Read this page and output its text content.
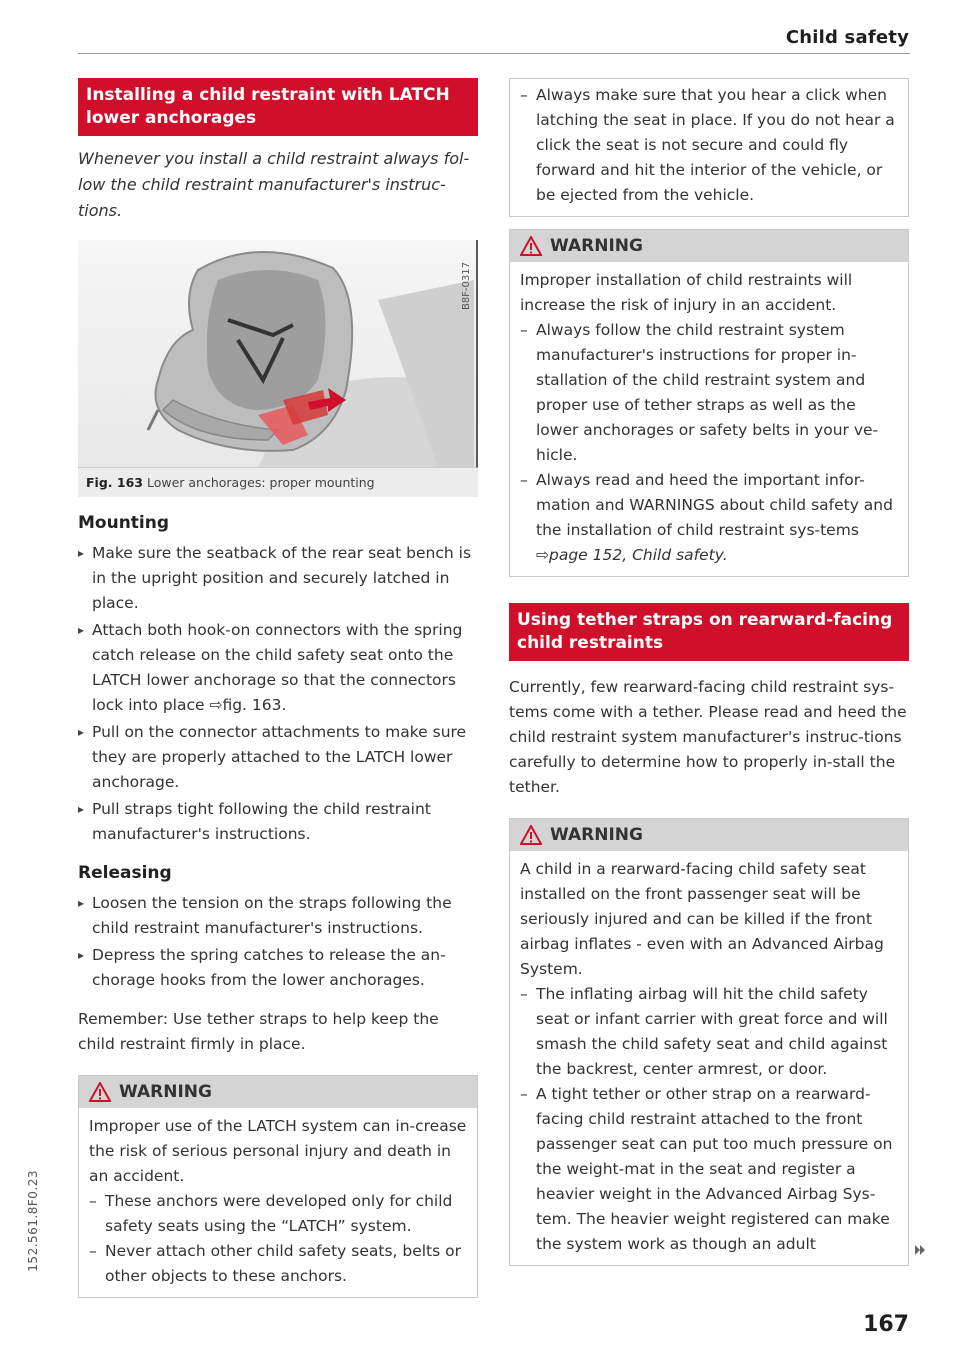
Child safety
Installing a child restraint with LATCH lower anchorages
Whenever you install a child restraint always fol-low the child restraint manufacturer's instruc-tions.
B8F-0317
Fig. 163 Lower anchorages: proper mounting
Mounting
▸ Make sure the seatback of the rear seat bench is in the upright position and securely latched in place.
▸ Attach both hook-on connectors with the spring catch release on the child safety seat onto the LATCH lower anchorage so that the connectors lock into place ⇨fig. 163.
▸ Pull on the connector attachments to make sure they are properly attached to the LATCH lower anchorage.
▸ Pull straps tight following the child restraint manufacturer's instructions.
Releasing
▸ Loosen the tension on the straps following the child restraint manufacturer's instructions.
▸ Depress the spring catches to release the an-chorage hooks from the lower anchorages.
Remember: Use tether straps to help keep the child restraint firmly in place.
WARNING
Improper use of the LATCH system can in-crease the risk of serious personal injury and death in an accident.
– These anchors were developed only for child safety seats using the “LATCH” system.
– Never attach other child safety seats, belts or other objects to these anchors.
– Always make sure that you hear a click when latching the seat in place. If you do not hear a click the seat is not secure and could fly forward and hit the interior of the vehicle, or be ejected from the vehicle.
WARNING
Improper installation of child restraints will increase the risk of injury in an accident.
– Always follow the child restraint system manufacturer's instructions for proper in-stallation of the child restraint system and proper use of tether straps as well as the lower anchorages or safety belts in your ve-hicle.
– Always read and heed the important infor-mation and WARNINGS about child safety and the installation of child restraint sys-tems ⇨page 152, Child safety.
Using tether straps on rearward-facing child restraints
Currently, few rearward-facing child restraint sys-tems come with a tether. Please read and heed the child restraint system manufacturer's instruc-tions carefully to determine how to properly in-stall the tether.
WARNING
A child in a rearward-facing child safety seat installed on the front passenger seat will be seriously injured and can be killed if the front airbag inflates - even with an Advanced Airbag System.
– The inflating airbag will hit the child safety seat or infant carrier with great force and will smash the child safety seat and child against the backrest, center armrest, or door.
– A tight tether or other strap on a rearward-facing child restraint attached to the front passenger seat can put too much pressure on the weight-mat in the seat and register a heavier weight in the Advanced Airbag Sys-tem. The heavier weight registered can make the system work as though an adult
152.561.8F0.23
167
